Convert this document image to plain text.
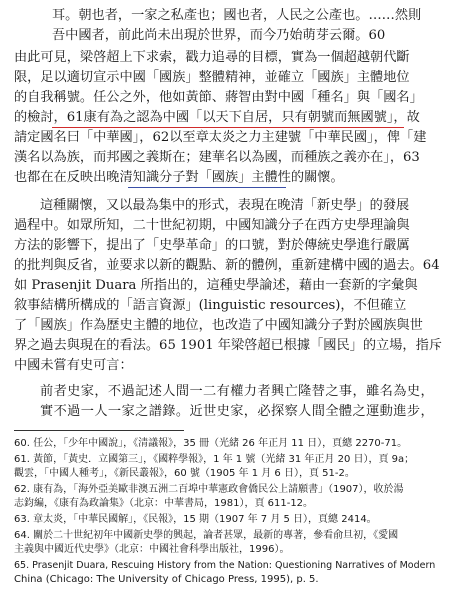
耳。朝也者，一家之私產也；國也者，人民之公產也。……然則
吾中國者，前此尚未出現於世界，而今乃始萌芽云爾。60
由此可見，梁啓超上下求索，戳力追尋的目標，實為一個超越朝代斷
限，足以適切宣示中國「國族」整體精神，並確立「國族」主體地位
的自我稱號。任公之外，他如黃節、蔣智由對中國「種名」與「國名」
的檢討，61康有為之認為中國「以天下自居，只有朝號而無國號」，故
請定國名曰「中華國」，62以至章太炎之力主建號「中華民國」，俾「建
漢名以為族，而邦國之義斯在；建華名以為國，而種族之義亦在」，63
也都在在反映出晚清知識分子對「國族」主體性的關懷。
這種關懷，又以最為集中的形式，表現在晚清「新史學」的發展
過程中。如眾所知，二十世紀初期，中國知識分子在西方史學理論與
方法的影響下，提出了「史學革命」的口號，對於傳統史學進行嚴厲
的批判與反省，並要求以新的觀點、新的體例，重新建構中國的過去。64
如 Prasenjit Duara 所指出的，這種史學論述，藉由一套新的字彙與
敘事結構所構成的「語言資源」(linguistic resources)，不但確立
了「國族」作為歷史主體的地位，也改造了中國知識分子對於國族與世
界之過去與現在的看法。65 1901 年梁啓超已根據「國民」的立場，指斥
中國未嘗有史可言：
前者史家，不過記述人間一二有權力者興亡隆替之事，雖名為史，
實不過一人一家之譜錄。近世史家，必探察人間全體之運動進步，
60. 任公，「少年中國說」，《清議報》，35 冊（光緒 26 年正月 11 日），頁總 2270-71。
61. 黃節，「黃史．立國第三」，《國粹學報》，1 年 1 號（光緒 31 年正月 20 日），頁 9a；
觀雲，「中國人種考」，《新民叢報》，60 號（1905 年 1 月 6 日），頁 51-2。
62. 康有為，「海外亞美歐非澳五洲二百埠中華憲政會僑民公上請願書」（1907），收於湯
志鈞編，《康有為政論集》（北京：中華書局，1981），頁 611-12。
63. 章太炎，「中華民國解」，《民報》，15 期（1907 年 7 月 5 日），頁總 2414。
64. 關於二十世紀初年中國新史學的興起，論者甚眾，最新的專著，參看俞旦初，《愛國
主義與中國近代史學》（北京：中國社會科學出版社，1996）。
65. Prasenjit Duara, Rescuing History from the Nation: Questioning Narratives of Modern
China (Chicago: The University of Chicago Press, 1995), p. 5.
